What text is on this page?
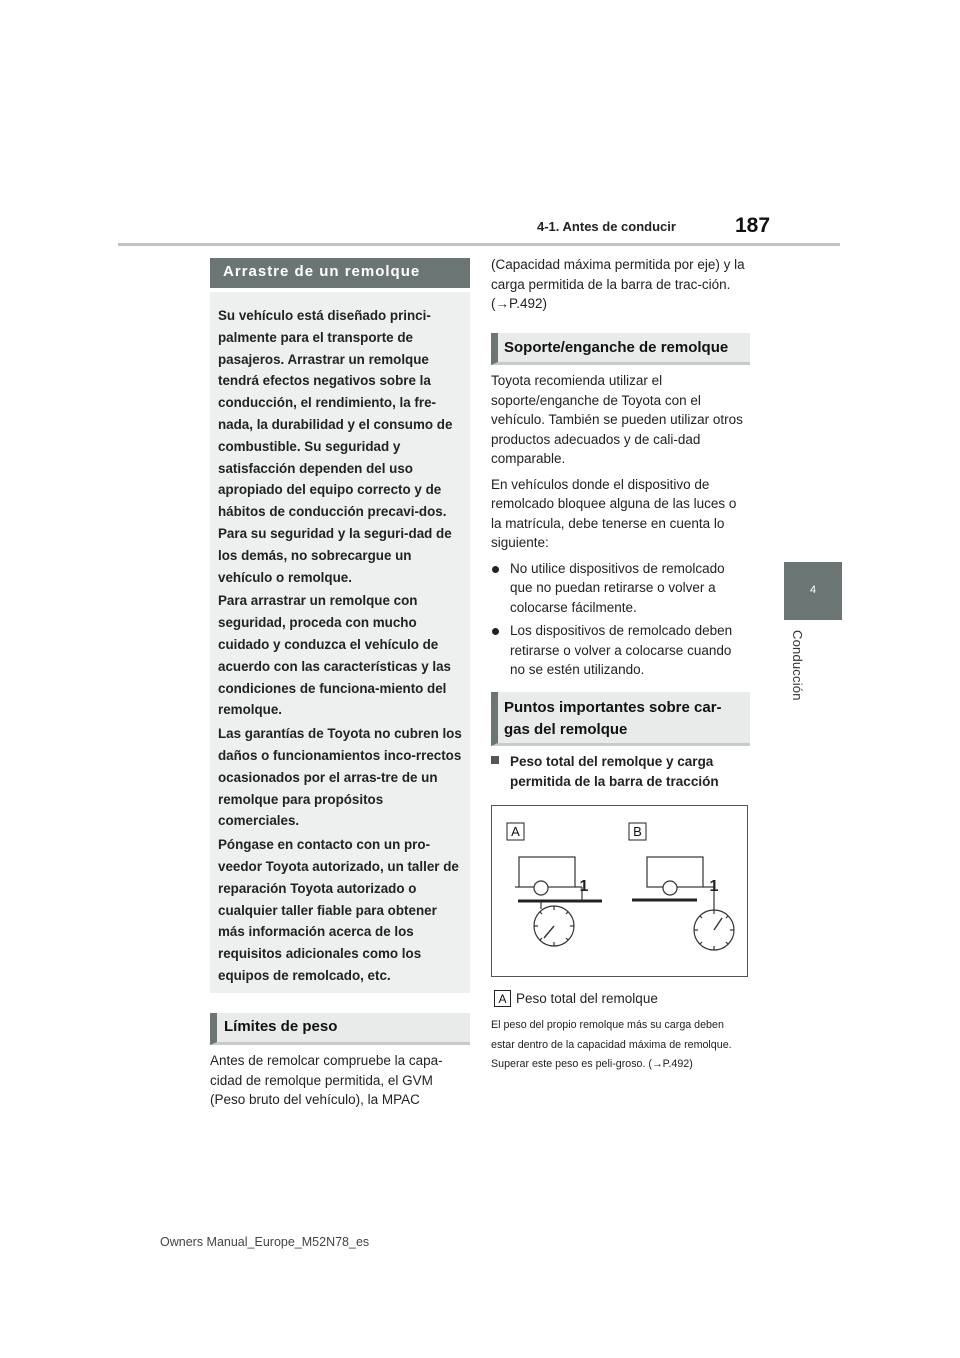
4-1. Antes de conducir	187
4
Conducción
Arrastre de un remolque

Su vehículo está diseñado princi-palmente para el transporte de pasajeros. Arrastrar un remolque tendrá efectos negativos sobre la conducción, el rendimiento, la fre-nada, la durabilidad y el consumo de combustible. Su seguridad y satisfacción dependen del uso apropiado del equipo correcto y de hábitos de conducción precavi-dos. Para su seguridad y la seguri-dad de los demás, no sobrecargue un vehículo o remolque.

Para arrastrar un remolque con seguridad, proceda con mucho cuidado y conduzca el vehículo de acuerdo con las características y las condiciones de funciona-miento del remolque.

Las garantías de Toyota no cubren los daños o funcionamientos inco-rrectos ocasionados por el arras-tre de un remolque para propósitos comerciales.

Póngase en contacto con un pro-veedor Toyota autorizado, un taller de reparación Toyota autorizado o cualquier taller fiable para obtener más información acerca de los requisitos adicionales como los equipos de remolcado, etc.

Límites de peso

Antes de remolcar compruebe la capa-cidad de remolque permitida, el GVM (Peso bruto del vehículo), la MPAC

(Capacidad máxima permitida por eje) y la carga permitida de la barra de trac-ción. (→P.492)

Soporte/enganche de remolque

Toyota recomienda utilizar el soporte/enganche de Toyota con el vehículo. También se pueden utilizar otros productos adecuados y de cali-dad comparable.

En vehículos donde el dispositivo de remolcado bloquee alguna de las luces o la matrícula, debe tenerse en cuenta lo siguiente:

No utilice dispositivos de remolcado que no puedan retirarse o volver a colocarse fácilmente.
Los dispositivos de remolcado deben retirarse o volver a colocarse cuando no se estén utilizando.
Puntos importantes sobre car-gas del remolque
Peso total del remolque y carga permitida de la barra de tracción
A	B
1	1
A Peso total del remolque
El peso del propio remolque más su carga deben estar dentro de la capacidad máxima de remolque. Superar este peso es peli-groso. (→P.492)
Owners Manual_Europe_M52N78_es
